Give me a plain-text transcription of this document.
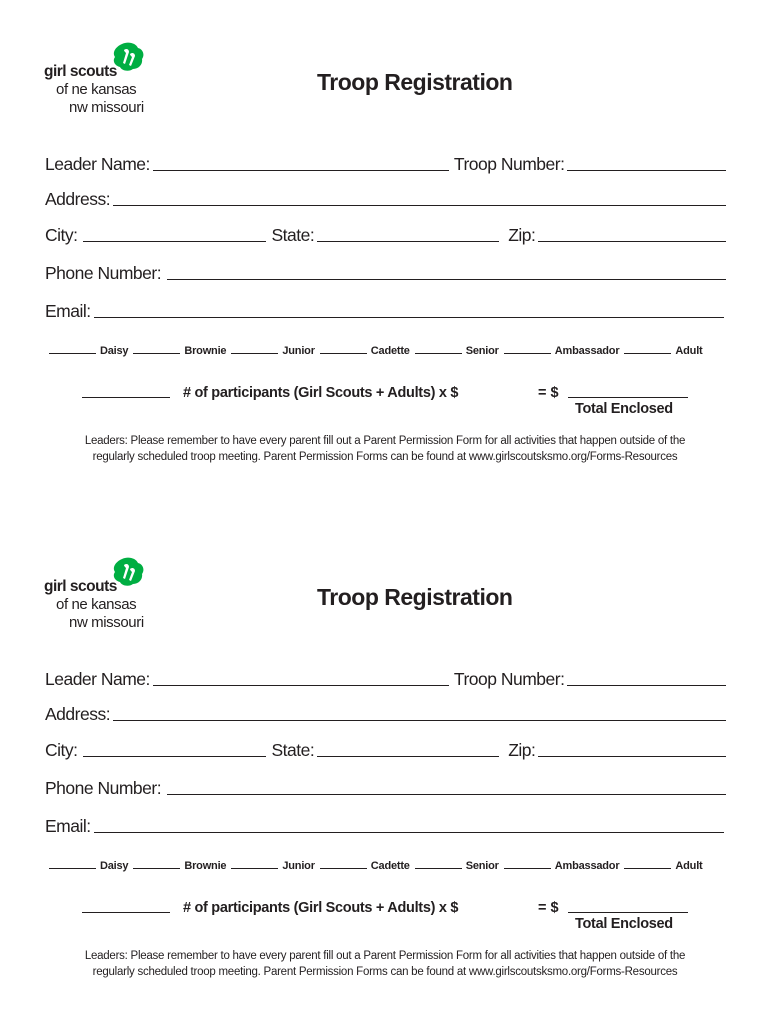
girl scouts
of ne kansas
nw missouri
Troop Registration
Leader Name:	Troop Number:
Address:
City:	State:	Zip:
Phone Number:
Email:
Daisy	Brownie	Junior	Cadette	Senior	Ambassador	Adult
# of participants (Girl Scouts + Adults) x $	= $
Total Enclosed
Leaders: Please remember to have every parent fill out a Parent Permission Form for all activities that happen outside of the
regularly scheduled troop meeting. Parent Permission Forms can be found at www.girlscoutsksmo.org/Forms-Resources
girl scouts
of ne kansas
nw missouri
Troop Registration
Leader Name:	Troop Number:
Address:
City:	State:	Zip:
Phone Number:
Email:
Daisy	Brownie	Junior	Cadette	Senior	Ambassador	Adult
# of participants (Girl Scouts + Adults) x $	= $
Total Enclosed
Leaders: Please remember to have every parent fill out a Parent Permission Form for all activities that happen outside of the
regularly scheduled troop meeting. Parent Permission Forms can be found at www.girlscoutsksmo.org/Forms-Resources
